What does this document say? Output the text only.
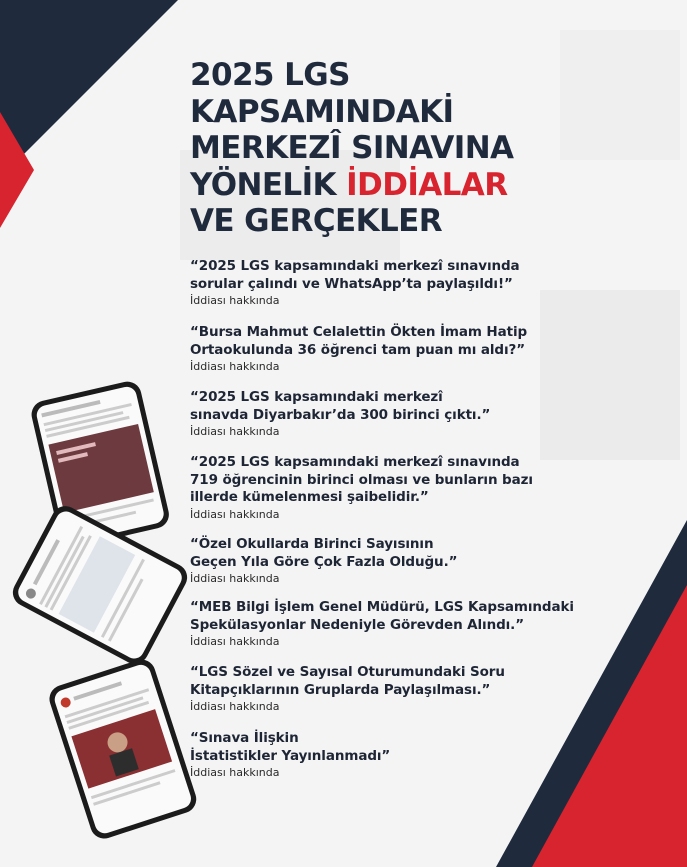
2025 LGS
KAPSAMINDAKİ
MERKEZÎ SINAVINA
YÖNELİK İDDİALAR
VE GERÇEKLER
“2025 LGS kapsamındaki merkezî sınavında
sorular çalındı ve WhatsApp’ta paylaşıldı!”
İddiası hakkında
“Bursa Mahmut Celalettin Ökten İmam Hatip
Ortaokulunda 36 öğrenci tam puan mı aldı?”
İddiası hakkında
“2025 LGS kapsamındaki merkezî
sınavda Diyarbakır’da 300 birinci çıktı.”
İddiası hakkında
“2025 LGS kapsamındaki merkezî sınavında
719 öğrencinin birinci olması ve bunların bazı
illerde kümelenmesi şaibelidir.”
İddiası hakkında
“Özel Okullarda Birinci Sayısının
Geçen Yıla Göre Çok Fazla Olduğu.”
İddiası hakkında
“MEB Bilgi İşlem Genel Müdürü, LGS Kapsamındaki
Spekülasyonlar Nedeniyle Görevden Alındı.”
İddiası hakkında
“LGS Sözel ve Sayısal Oturumundaki Soru
Kitapçıklarının Gruplarda Paylaşılması.”
İddiası hakkında
“Sınava İlişkin
İstatistikler Yayınlanmadı”
İddiası hakkında
